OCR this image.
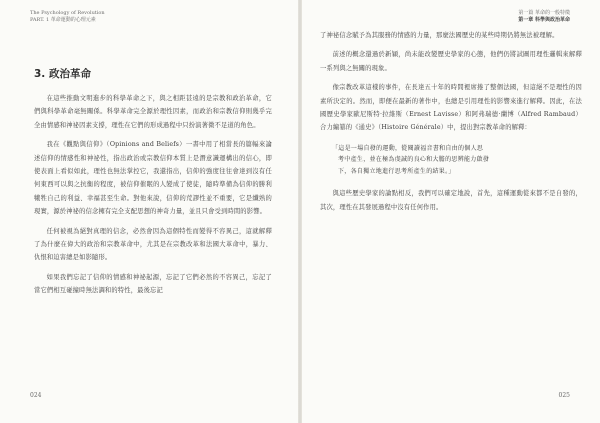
The Psychology of Revolution
PART. 1 革命運動的心理元素
3. 政治革命

在這些推動文明進步的科學革命之下，與之相距甚遠的是宗教和政治革命，它們與科學革命毫無關係。科學革命完全源於理性因素，而政治和宗教信仰則幾乎完全由情感和神祕因素支撐，理性在它們的形成過程中只扮演著微不足道的角色。

我在《觀點與信仰》（Opinions and Beliefs）一書中用了相當長的篇幅來論述信仰的情感性和神祕性，指出政治或宗教信仰本質上是潛意識運構出的信心，即使表面上看似如此，理性也無法掌控它，我還指出，信仰的強度往往會達到沒有任何東西可以與之抗衡的程度，被信仰催眠的人變成了使徒，隨時準備為信仰的勝利犧牲自己的利益、幸福甚至生命。對他來說，信仰的荒謬性並不重要，它是纖熟的現實，源於神祕的信念擁有完全支配思想的神奇力量，並且只會受到時間的影響。

任何被視為絕對真理的信念，必然會因為這個特性而變得不容異己，這就解釋了為什麼在偉大的政治和宗教革命中，尤其是在宗教改革和法國大革命中，暴力、仇恨和迫害總是如影隨形。

如果我們忘記了信仰的情感和神祕起源，忘記了它們必然的不容異己，忘記了當它們相互碰撞時無法調和的特性，最後忘記

024
第一篇 革命的一般特徵
第一章 科學與政治革命

了神祕信念賦予為其服務的情感的力量，那麼法國歷史的某些時期仍將無法被理解。

前述的概念還過於新穎，尚未能改變歷史學家的心態，他們仍將試圖用理性邏輯來解釋一系列與之無關的現象。

像宗教改革這樣的事件，在長達五十年的時間裡席捲了整個法國，但這絕不是理性的因素所決定的。然而，即便在最新的著作中，也總是引用理性的影響來進行解釋。因此，在法國歷史學家歐尼斯特·拉維斯（Ernest Lavisse）和阿弗瑞德·蘭博（Alfred Rambaud）合力編纂的《通史》（Histoire Générale）中，提出對宗教革命的解釋：

「這是一場自發的運動，從閱讀福音書和自由的個人思

考中產生，並在極為虔誠的良心和大膽的思辨能力啟發

下，各自獨立地進行思考所產生的結果。」

與這些歷史學家的論點相反，我們可以確定地說，首先，這種運動從來都不是自發的，其次，理性在其發展過程中沒有任何作用。

025
